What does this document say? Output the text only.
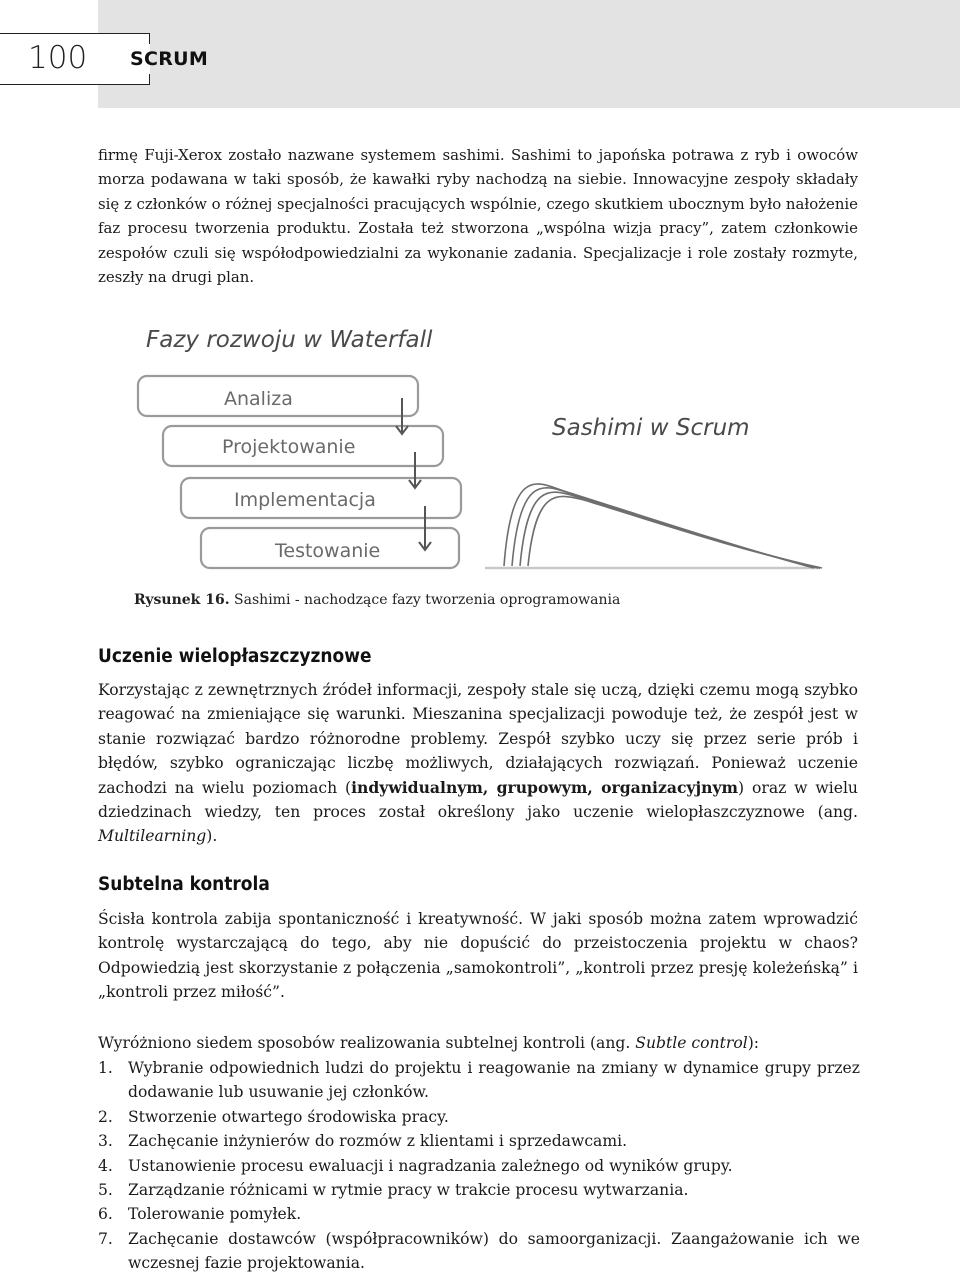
100 SCRUM

firmę Fuji-Xerox zostało nazwane systemem sashimi. Sashimi to japońska potrawa z ryb i owoców morza podawana w taki sposób, że kawałki ryby nachodzą na siebie. Innowacyjne zespoły składały się z członków o różnej specjalności pracujących wspólnie, czego skutkiem ubocznym było nałożenie faz procesu tworzenia produktu. Została też stworzona „wspólna wizja pracy”, zatem członkowie zespołów czuli się współodpowiedzialni za wykonanie zadania. Specjalizacje i role zostały rozmyte, zeszły na drugi plan.

Fazy rozwoju w Waterfall
Analiza
Projektowanie
Implementacja
Testowanie
Sashimi w Scrum
Rysunek 16. Sashimi - nachodzące fazy tworzenia oprogramowania
Uczenie wielopłaszczyznowe

Korzystając z zewnętrznych źródeł informacji, zespoły stale się uczą, dzięki czemu mogą szybko reagować na zmieniające się warunki. Mieszanina specjalizacji powoduje też, że zespół jest w stanie rozwiązać bardzo różnorodne problemy. Zespół szybko uczy się przez serie prób i błędów, szybko ograniczając liczbę możliwych, działających rozwiązań. Ponieważ uczenie zachodzi na wielu poziomach (indywidualnym, grupowym, organizacyjnym) oraz w wielu dziedzinach wiedzy, ten proces został określony jako uczenie wielopłaszczyznowe (ang. Multilearning).

Subtelna kontrola

Ścisła kontrola zabija spontaniczność i kreatywność. W jaki sposób można zatem wprowadzić kontrolę wystarczającą do tego, aby nie dopuścić do przeistoczenia projektu w chaos? Odpowiedzią jest skorzystanie z połączenia „samokontroli”, „kontroli przez presję koleżeńską” i „kontroli przez miłość”.

Wyróżniono siedem sposobów realizowania subtelnej kontroli (ang. Subtle control):

1. Wybranie odpowiednich ludzi do projektu i reagowanie na zmiany w dynamice grupy przez dodawanie lub usuwanie jej członków.
2. Stworzenie otwartego środowiska pracy.
3. Zachęcanie inżynierów do rozmów z klientami i sprzedawcami.
4. Ustanowienie procesu ewaluacji i nagradzania zależnego od wyników grupy.
5. Zarządzanie różnicami w rytmie pracy w trakcie procesu wytwarzania.
6. Tolerowanie pomyłek.
7. Zachęcanie dostawców (współpracowników) do samoorganizacji. Zaangażowanie ich we wczesnej fazie projektowania.
